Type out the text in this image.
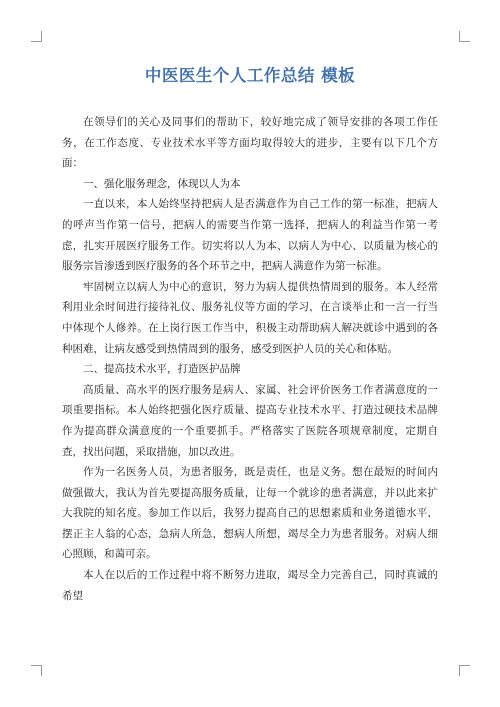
中医医生个人工作总结 模板

在领导们的关心及同事们的帮助下，较好地完成了领导安排的各项工作任务，在工作态度、专业技术水平等方面均取得较大的进步，主要有以下几个方面：

一、强化服务理念，体现以人为本

一直以来，本人始终坚持把病人是否满意作为自己工作的第一标准，把病人的呼声当作第一信号，把病人的需要当作第一选择，把病人的利益当作第一考虑，扎实开展医疗服务工作。切实将以人为本、以病人为中心、以质量为核心的服务宗旨渗透到医疗服务的各个环节之中，把病人满意作为第一标准。

牢固树立以病人为中心的意识，努力为病人提供热情周到的服务。本人经常利用业余时间进行接待礼仪、服务礼仪等方面的学习，在言谈举止和一言一行当中体现个人修养。在上岗行医工作当中，积极主动帮助病人解决就诊中遇到的各种困难，让病友感受到热情周到的服务，感受到医护人员的关心和体贴。

二、提高技术水平，打造医护品牌

高质量、高水平的医疗服务是病人、家属、社会评价医务工作者满意度的一项重要指标。本人始终把强化医疗质量、提高专业技术水平、打造过硬技术品牌作为提高群众满意度的一个重要抓手。严格落实了医院各项规章制度，定期自查，找出问题，采取措施，加以改进。

作为一名医务人员，为患者服务，既是责任，也是义务。想在最短的时间内做强做大，我认为首先要提高服务质量，让每一个就诊的患者满意，并以此来扩大我院的知名度。参加工作以后，我努力提高自己的思想素质和业务道德水平，摆正主人翁的心态，急病人所急，想病人所想，竭尽全力为患者服务。对病人细心照顾，和蔼可亲。

本人在以后的工作过程中将不断努力进取，竭尽全力完善自己，同时真诚的希望
